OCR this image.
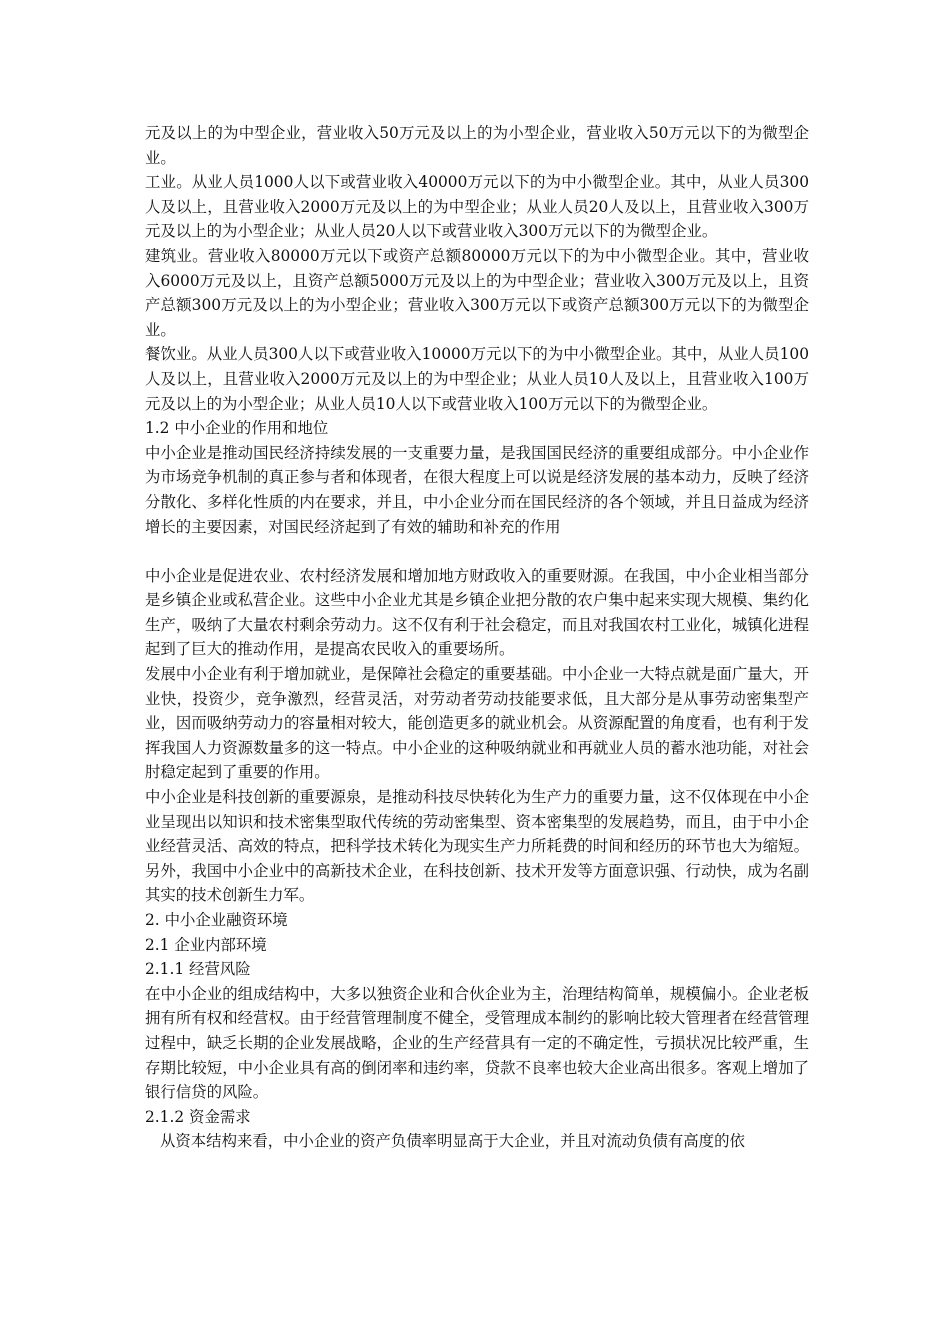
元及以上的为中型企业，营业收入50万元及以上的为小型企业，营业收入50万元以下的为微型企业。

工业。从业人员1000人以下或营业收入40000万元以下的为中小微型企业。其中，从业人员300人及以上，且营业收入2000万元及以上的为中型企业；从业人员20人及以上，且营业收入300万元及以上的为小型企业；从业人员20人以下或营业收入300万元以下的为微型企业。

建筑业。营业收入80000万元以下或资产总额80000万元以下的为中小微型企业。其中，营业收入6000万元及以上，且资产总额5000万元及以上的为中型企业；营业收入300万元及以上，且资产总额300万元及以上的为小型企业；营业收入300万元以下或资产总额300万元以下的为微型企业。

餐饮业。从业人员300人以下或营业收入10000万元以下的为中小微型企业。其中，从业人员100人及以上，且营业收入2000万元及以上的为中型企业；从业人员10人及以上，且营业收入100万元及以上的为小型企业；从业人员10人以下或营业收入100万元以下的为微型企业。

1.2 中小企业的作用和地位

中小企业是推动国民经济持续发展的一支重要力量，是我国国民经济的重要组成部分。中小企业作为市场竞争机制的真正参与者和体现者，在很大程度上可以说是经济发展的基本动力，反映了经济分散化、多样化性质的内在要求，并且，中小企业分而在国民经济的各个领域，并且日益成为经济增长的主要因素，对国民经济起到了有效的辅助和补充的作用

中小企业是促进农业、农村经济发展和增加地方财政收入的重要财源。在我国，中小企业相当部分是乡镇企业或私营企业。这些中小企业尤其是乡镇企业把分散的农户集中起来实现大规模、集约化生产，吸纳了大量农村剩余劳动力。这不仅有利于社会稳定，而且对我国农村工业化，城镇化进程起到了巨大的推动作用，是提高农民收入的重要场所。

发展中小企业有利于增加就业，是保障社会稳定的重要基础。中小企业一大特点就是面广量大，开业快，投资少，竞争激烈，经营灵活，对劳动者劳动技能要求低，且大部分是从事劳动密集型产业，因而吸纳劳动力的容量相对较大，能创造更多的就业机会。从资源配置的角度看，也有利于发挥我国人力资源数量多的这一特点。中小企业的这种吸纳就业和再就业人员的蓄水池功能，对社会肘稳定起到了重要的作用。

中小企业是科技创新的重要源泉，是推动科技尽快转化为生产力的重要力量，这不仅体现在中小企业呈现出以知识和技术密集型取代传统的劳动密集型、资本密集型的发展趋势，而且，由于中小企业经营灵活、高效的特点，把科学技术转化为现实生产力所耗费的时间和经历的环节也大为缩短。另外，我国中小企业中的高新技术企业，在科技创新、技术开发等方面意识强、行动快，成为名副其实的技术创新生力军。

2. 中小企业融资环境

2.1 企业内部环境

2.1.1 经营风险

在中小企业的组成结构中，大多以独资企业和合伙企业为主，治理结构简单，规模偏小。企业老板拥有所有权和经营权。由于经营管理制度不健全，受管理成本制约的影响比较大管理者在经营管理过程中，缺乏长期的企业发展战略，企业的生产经营具有一定的不确定性，亏损状况比较严重，生存期比较短，中小企业具有高的倒闭率和违约率，贷款不良率也较大企业高出很多。客观上增加了银行信贷的风险。

2.1.2 资金需求

从资本结构来看，中小企业的资产负债率明显高于大企业，并且对流动负债有高度的依
